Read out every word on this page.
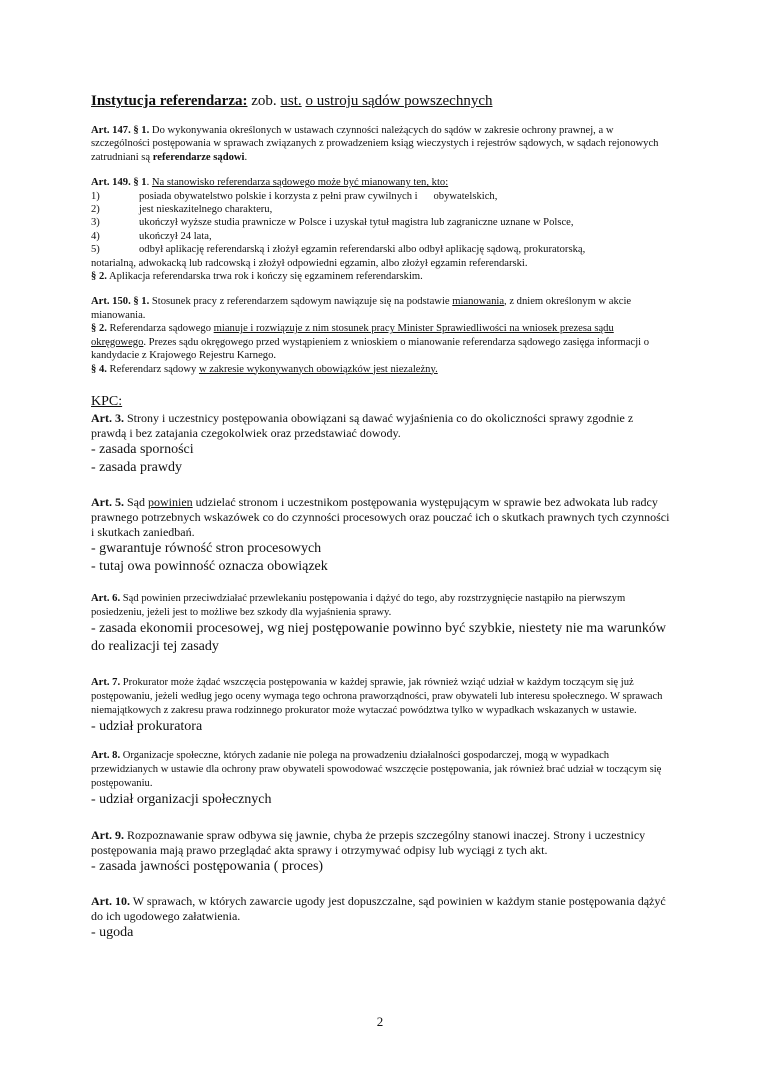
Instytucja referendarza: zob. ust. o ustroju sądów powszechnych

Art. 147. § 1. Do wykonywania określonych w ustawach czynności należących do sądów w zakresie ochrony prawnej, a w szczególności postępowania w sprawach związanych z prowadzeniem ksiąg wieczystych i rejestrów sądowych, w sądach rejonowych zatrudniani są referendarze sądowi.

Art. 149. § 1. Na stanowisko referendarza sądowego może być mianowany ten, kto:

1)	posiada obywatelstwo polskie i korzysta z pełni praw cywilnych i      obywatelskich,
2)	jest nieskazitelnego charakteru,
3)	ukończył wyższe studia prawnicze w Polsce i uzyskał tytuł magistra lub zagraniczne uznane w Polsce,
4)	ukończył 24 lata,
5)	odbył aplikację referendarską i złożył egzamin referendarski albo odbył aplikację sądową, prokuratorską,

notarialną, adwokacką lub radcowską i złożył odpowiedni egzamin, albo złożył egzamin referendarski.

§ 2. Aplikacja referendarska trwa rok i kończy się egzaminem referendarskim.

Art. 150. § 1. Stosunek pracy z referendarzem sądowym nawiązuje się na podstawie mianowania, z dniem określonym w akcie mianowania.

§ 2. Referendarza sądowego mianuje i rozwiązuje z nim stosunek pracy Minister Sprawiedliwości na wniosek prezesa sądu okręgowego. Prezes sądu okręgowego przed wystąpieniem z wnioskiem o mianowanie referendarza sądowego zasięga informacji o kandydacie z Krajowego Rejestru Karnego.

§ 4. Referendarz sądowy w zakresie wykonywanych obowiązków jest niezależny.

KPC:

Art. 3. Strony i uczestnicy postępowania obowiązani są dawać wyjaśnienia co do okoliczności sprawy zgodnie z prawdą i bez zatajania czegokolwiek oraz przedstawiać dowody.

- zasada sporności

- zasada prawdy

Art. 5. Sąd powinien udzielać stronom i uczestnikom postępowania występującym w sprawie bez adwokata lub radcy prawnego potrzebnych wskazówek co do czynności procesowych oraz pouczać ich o skutkach prawnych tych czynności i skutkach zaniedbań.

- gwarantuje równość stron procesowych

- tutaj owa powinność oznacza obowiązek

Art. 6. Sąd powinien przeciwdziałać przewlekaniu postępowania i dążyć do tego, aby rozstrzygnięcie nastąpiło na pierwszym posiedzeniu, jeżeli jest to możliwe bez szkody dla wyjaśnienia sprawy.

- zasada ekonomii procesowej, wg niej postępowanie powinno być szybkie, niestety nie ma warunków do realizacji tej zasady

Art. 7. Prokurator może żądać wszczęcia postępowania w każdej sprawie, jak również wziąć udział w każdym toczącym się już postępowaniu, jeżeli według jego oceny wymaga tego ochrona praworządności, praw obywateli lub interesu społecznego. W sprawach niemajątkowych z zakresu prawa rodzinnego prokurator może wytaczać powództwa tylko w wypadkach wskazanych w ustawie.

- udział prokuratora

Art. 8. Organizacje społeczne, których zadanie nie polega na prowadzeniu działalności gospodarczej, mogą w wypadkach przewidzianych w ustawie dla ochrony praw obywateli spowodować wszczęcie postępowania, jak również brać udział w toczącym się postępowaniu.

- udział organizacji społecznych

Art. 9. Rozpoznawanie spraw odbywa się jawnie, chyba że przepis szczególny stanowi inaczej. Strony i uczestnicy postępowania mają prawo przeglądać akta sprawy i otrzymywać odpisy lub wyciągi z tych akt.

- zasada jawności postępowania ( proces)

Art. 10. W sprawach, w których zawarcie ugody jest dopuszczalne, sąd powinien w każdym stanie postępowania dążyć do ich ugodowego załatwienia.

- ugoda

2
